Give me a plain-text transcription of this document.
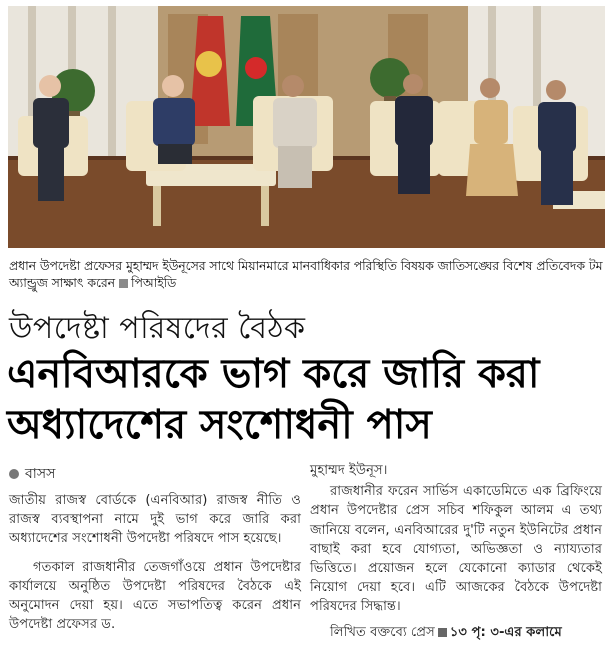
প্রধান উপদেষ্টা প্রফেসর মুহাম্মদ ইউনূসের সাথে মিয়ানমারে মানবাধিকার পরিস্থিতি বিষয়ক জাতিসঙ্ঘের বিশেষ প্রতিবেদক টম অ্যান্ড্রুজ সাক্ষাৎ করেন পিআইডি
উপদেষ্টা পরিষদের বৈঠক
এনবিআরকে ভাগ করে জারি করা
অধ্যাদেশের সংশোধনী পাস
বাসস

জাতীয় রাজস্ব বোর্ডকে (এনবিআর) রাজস্ব নীতি ও রাজস্ব ব্যবস্থাপনা নামে দুই ভাগ করে জারি করা অধ্যাদেশের সংশোধনী উপদেষ্টা পরিষদে পাস হয়েছে।

গতকাল রাজধানীর তেজগাঁওয়ে প্রধান উপদেষ্টার কার্যালয়ে অনুষ্ঠিত উপদেষ্টা পরিষদের বৈঠকে এই অনুমোদন দেয়া হয়। এতে সভাপতিত্ব করেন প্রধান উপদেষ্টা প্রফেসর ড.

মুহাম্মদ ইউনূস।

রাজধানীর ফরেন সার্ভিস একাডেমিতে এক ব্রিফিংয়ে প্রধান উপদেষ্টার প্রেস সচিব শফিকুল আলম এ তথ্য জানিয়ে বলেন, এনবিআরের দু'টি নতুন ইউনিটের প্রধান বাছাই করা হবে যোগ্যতা, অভিজ্ঞতা ও ন্যায্যতার ভিত্তিতে। প্রয়োজন হলে যেকোনো ক্যাডার থেকেই নিয়োগ দেয়া হবে। এটি আজকের বৈঠকে উপদেষ্টা পরিষদের সিদ্ধান্ত।

লিখিত বক্তব্যে প্রেস ১৩ পৃ: ৩-এর কলামে
